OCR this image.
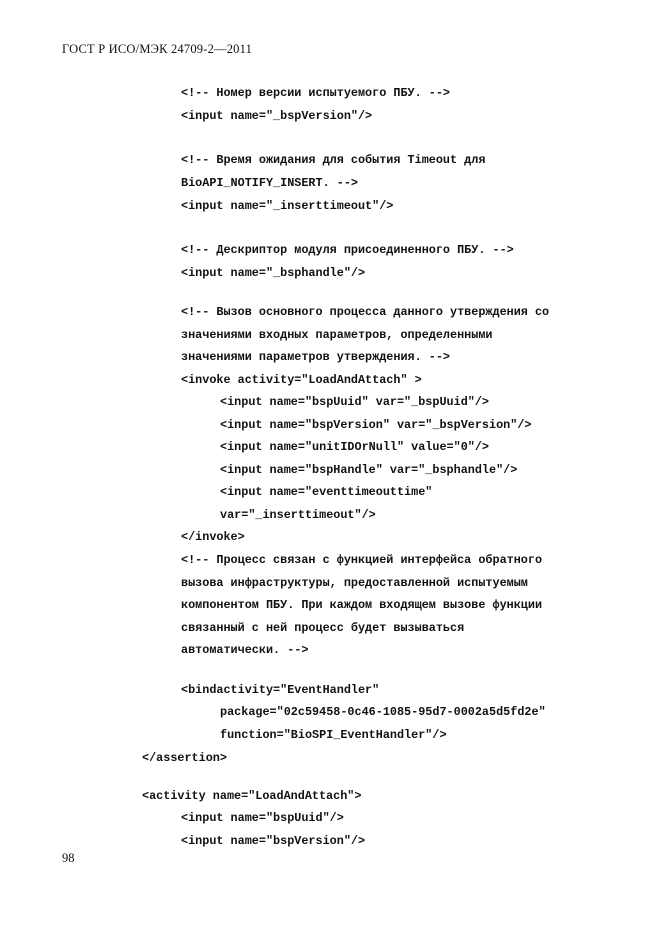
ГОСТ Р ИСО/МЭК 24709-2—2011
<!-- Номер версии испытуемого ПБУ. -->
<input name="_bspVersion"/>
<!-- Время ожидания для события Timeout для
BioAPI_NOTIFY_INSERT. -->
<input name="_inserttimeout"/>
<!-- Дескриптор модуля присоединенного ПБУ. -->
<input name="_bsphandle"/>
<!-- Вызов основного процесса данного утверждения со
значениями входных параметров, определенными
значениями параметров утверждения. -->
<invoke activity="LoadAndAttach" >
<input name="bspUuid" var="_bspUuid"/>
<input name="bspVersion" var="_bspVersion"/>
<input name="unitIDOrNull" value="0"/>
<input name="bspHandle" var="_bsphandle"/>
<input name="eventtimeouttime"
var="_inserttimeout"/>
</invoke>
<!-- Процесс связан с функцией интерфейса обратного
вызова инфраструктуры, предоставленной испытуемым
компонентом ПБУ. При каждом входящем вызове функции
связанный с ней процесс будет вызываться
автоматически. -->
<bindactivity="EventHandler"
package="02c59458-0c46-1085-95d7-0002a5d5fd2e"
function="BioSPI_EventHandler"/>
</assertion>
<activity name="LoadAndAttach">
<input name="bspUuid"/>
<input name="bspVersion"/>
98
